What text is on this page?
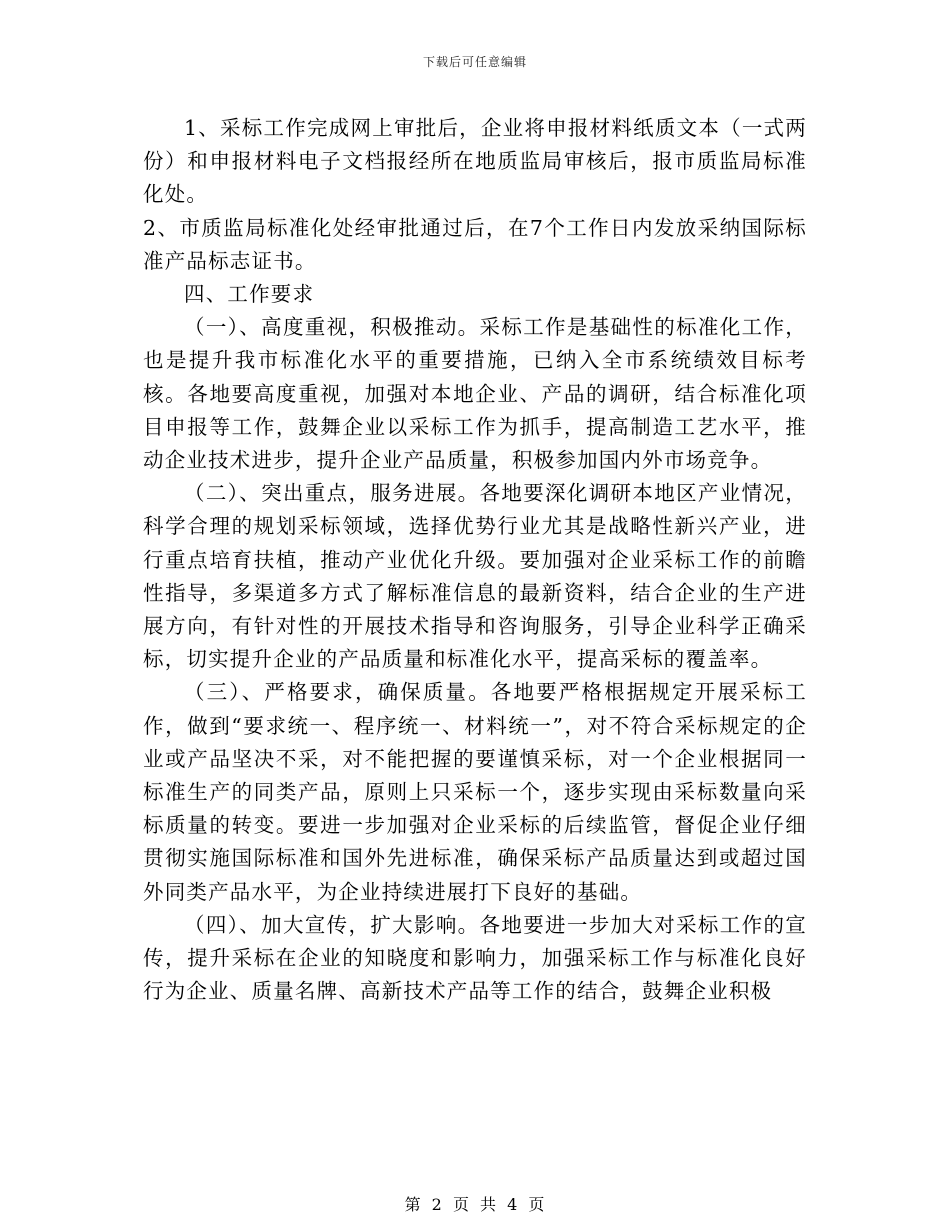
下载后可任意编辑

1、采标工作完成网上审批后，企业将申报材料纸质文本（一式两份）和申报材料电子文档报经所在地质监局审核后，报市质监局标准化处。

2、市质监局标准化处经审批通过后，在7个工作日内发放采纳国际标准产品标志证书。

四、工作要求

（一）、高度重视，积极推动。采标工作是基础性的标准化工作，也是提升我市标准化水平的重要措施，已纳入全市系统绩效目标考核。各地要高度重视，加强对本地企业、产品的调研，结合标准化项目申报等工作，鼓舞企业以采标工作为抓手，提高制造工艺水平，推动企业技术进步，提升企业产品质量，积极参加国内外市场竞争。

（二）、突出重点，服务进展。各地要深化调研本地区产业情况，科学合理的规划采标领域，选择优势行业尤其是战略性新兴产业，进行重点培育扶植，推动产业优化升级。要加强对企业采标工作的前瞻性指导，多渠道多方式了解标准信息的最新资料，结合企业的生产进展方向，有针对性的开展技术指导和咨询服务，引导企业科学正确采标，切实提升企业的产品质量和标准化水平，提高采标的覆盖率。

（三）、严格要求，确保质量。各地要严格根据规定开展采标工作，做到“要求统一、程序统一、材料统一”，对不符合采标规定的企业或产品坚决不采，对不能把握的要谨慎采标，对一个企业根据同一标准生产的同类产品，原则上只采标一个，逐步实现由采标数量向采标质量的转变。要进一步加强对企业采标的后续监管，督促企业仔细贯彻实施国际标准和国外先进标准，确保采标产品质量达到或超过国外同类产品水平，为企业持续进展打下良好的基础。

（四）、加大宣传，扩大影响。各地要进一步加大对采标工作的宣传，提升采标在企业的知晓度和影响力，加强采标工作与标准化良好行为企业、质量名牌、高新技术产品等工作的结合，鼓舞企业积极

第 2 页 共 4 页
